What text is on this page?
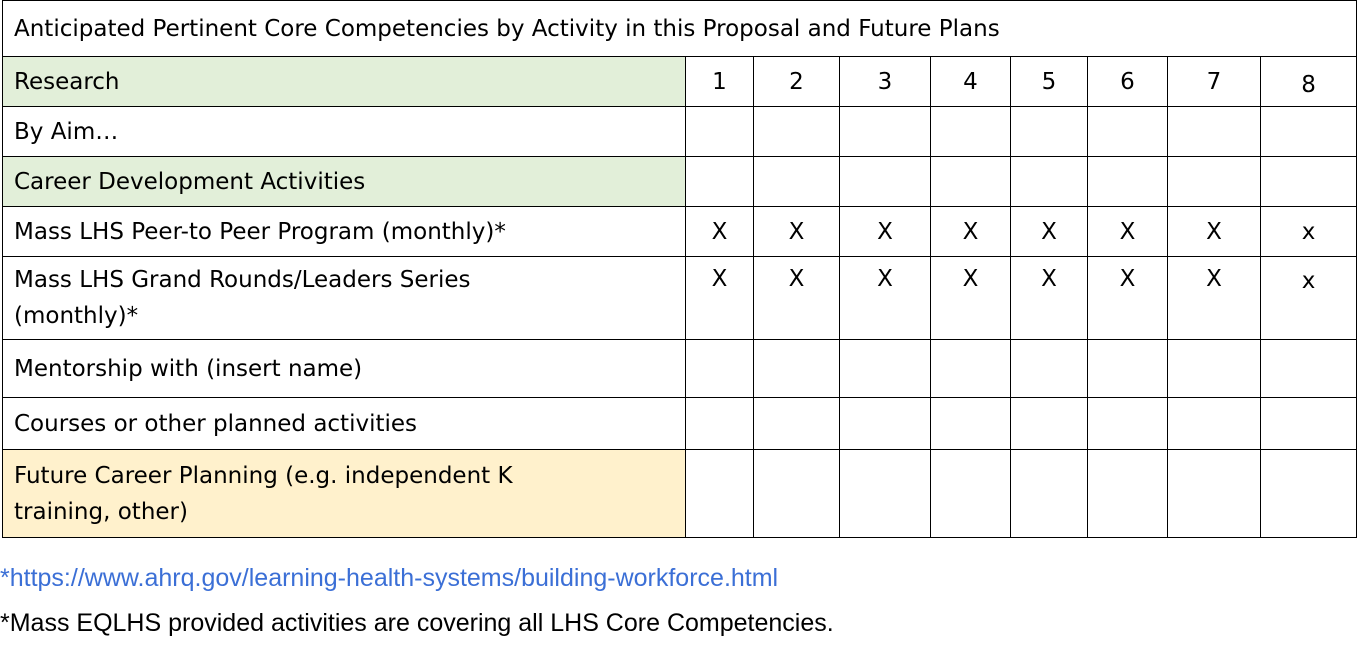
Anticipated Pertinent Core Competencies by Activity in this Proposal and Future Plans								
Research	1	2	3	4	5	6	7	8
By Aim…								
Career Development Activities								
Mass LHS Peer-to Peer Program (monthly)*	X	X	X	X	X	X	X	x
Mass LHS Grand Rounds/Leaders Series (monthly)*	X	X	X	X	X	X	X	x
Mentorship with (insert name)								
Courses or other planned activities								
Future Career Planning (e.g. independent K training, other)								
*https://www.ahrq.gov/learning-health-systems/building-workforce.html
*Mass EQLHS provided activities are covering all LHS Core Competencies.
